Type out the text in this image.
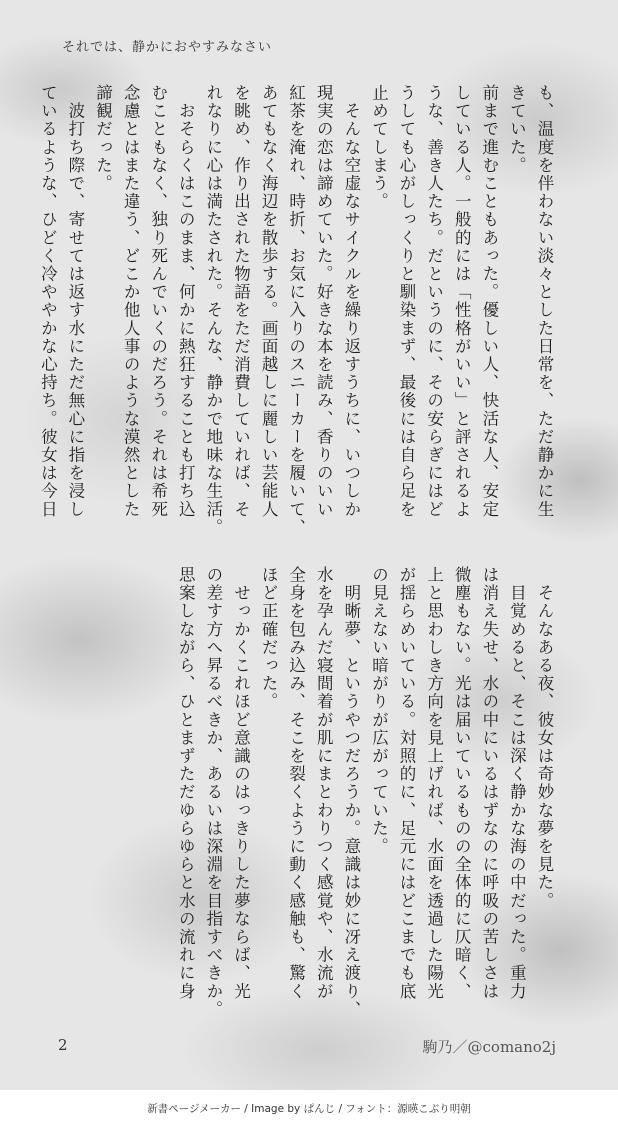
それでは、静かにおやすみなさい

も、温度を伴わない淡々とした日常を、ただ静かに生

きていた。

前まで進むこともあった。優しい人、快活な人、安定

している人。一般的には「性格がいい」と評されるよ

うな、善き人たち。だというのに、その安らぎにはど

うしても心がしっくりと馴染まず、最後には自ら足を

止めてしまう。

　そんな空虚なサイクルを繰り返すうちに、いつしか

現実の恋は諦めていた。好きな本を読み、香りのいい

紅茶を淹れ、時折、お気に入りのスニーカーを履いて、

あてもなく海辺を散歩する。画面越しに麗しい芸能人

を眺め、作り出された物語をただ消費していれば、そ

れなりに心は満たされた。そんな、静かで地味な生活。

　おそらくはこのまま、何かに熱狂することも打ち込

むこともなく、独り死んでいくのだろう。それは希死

念慮とはまた違う、どこか他人事のような漠然とした

諦観だった。

　波打ち際で、寄せては返す水にただ無心に指を浸し

ているような、ひどく冷ややかな心持ち。彼女は今日

　そんなある夜、彼女は奇妙な夢を見た。

　目覚めると、そこは深く静かな海の中だった。重力

は消え失せ、水の中にいるはずなのに呼吸の苦しさは

微塵もない。光は届いているものの全体的に仄暗く、

上と思わしき方向を見上げれば、水面を透過した陽光

が揺らめいている。対照的に、足元にはどこまでも底

の見えない暗がりが広がっていた。

　明晰夢、というやつだろうか。意識は妙に冴え渡り、

水を孕んだ寝間着が肌にまとわりつく感覚や、水流が

全身を包み込み、そこを裂くように動く感触も、驚く

ほど正確だった。

　せっかくこれほど意識のはっきりした夢ならば、光

の差す方へ昇るべきか、あるいは深淵を目指すべきか。

思案しながら、ひとまずただゆらゆらと水の流れに身

2	駒乃／@comano2j
新書ページメーカー / Image by ぱんじ / フォント：源暎こぶり明朝
